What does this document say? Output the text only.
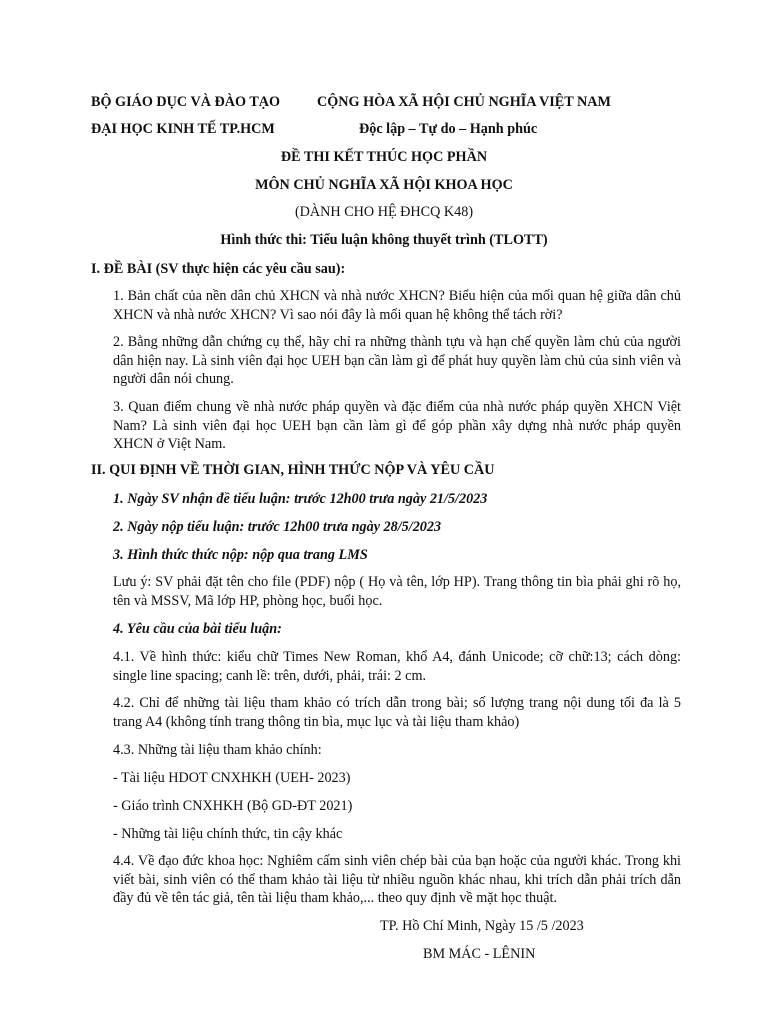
BỘ GIÁO DỤC VÀ ĐÀO TẠO
ĐẠI HỌC KINH TẾ TP.HCM
CỘNG HÒA XÃ HỘI CHỦ NGHĨA VIỆT NAM
Độc lập – Tự do – Hạnh phúc
ĐỀ THI KẾT THÚC HỌC PHẦN
MÔN CHỦ NGHĨA XÃ HỘI KHOA HỌC
(DÀNH CHO HỆ ĐHCQ K48)
Hình thức thi: Tiểu luận không thuyết trình (TLOTT)
I. ĐỀ BÀI (SV thực hiện các yêu cầu sau):
1. Bản chất của nền dân chủ XHCN và nhà nước XHCN? Biểu hiện của mối quan hệ giữa dân chủ XHCN và nhà nước XHCN? Vì sao nói đây là mối quan hệ không thể tách rời?
2. Bằng những dẫn chứng cụ thể, hãy chỉ ra những thành tựu và hạn chế quyền làm chủ của người dân hiện nay. Là sinh viên đại học UEH bạn cần làm gì để phát huy quyền làm chủ của sinh viên và người dân nói chung.
3. Quan điểm chung về nhà nước pháp quyền và đặc điểm của nhà nước pháp quyền XHCN Việt Nam? Là sinh viên đại học UEH bạn cần làm gì để góp phần xây dựng nhà nước pháp quyền XHCN ở Việt Nam.
II. QUI ĐỊNH VỀ THỜI GIAN, HÌNH THỨC NỘP VÀ YÊU CẦU
1. Ngày SV nhận đề tiểu luận: trước 12h00 trưa ngày 21/5/2023
2. Ngày nộp tiểu luận: trước 12h00 trưa ngày 28/5/2023
3. Hình thức thức nộp: nộp qua trang LMS
Lưu ý: SV phải đặt tên cho file (PDF) nộp ( Họ và tên, lớp HP). Trang thông tin bìa phải ghi rõ họ, tên và MSSV, Mã lớp HP, phòng học, buổi học.
4. Yêu cầu của bài tiểu luận:
4.1. Về hình thức: kiểu chữ Times New Roman, khổ A4, đánh Unicode; cỡ chữ:13; cách dòng: single line spacing; canh lề: trên, dưới, phải, trái: 2 cm.
4.2. Chỉ để những tài liệu tham khảo có trích dẫn trong bài; số lượng trang nội dung tối đa là 5 trang A4 (không tính trang thông tin bìa, mục lục và tài liệu tham khảo)
4.3. Những tài liệu tham khảo chính:
- Tài liệu HDOT CNXHKH (UEH- 2023)
- Giáo trình CNXHKH (Bộ GD-ĐT 2021)
- Những tài liệu chính thức, tin cậy khác
4.4. Về đạo đức khoa học: Nghiêm cấm sinh viên chép bài của bạn hoặc của người khác. Trong khi viết bài, sinh viên có thể tham khảo tài liệu từ nhiều nguồn khác nhau, khi trích dẫn phải trích dẫn đầy đủ về tên tác giả, tên tài liệu tham khảo,... theo quy định về mặt học thuật.
TP. Hồ Chí Minh, Ngày 15 /5 /2023
BM MÁC - LÊNIN
